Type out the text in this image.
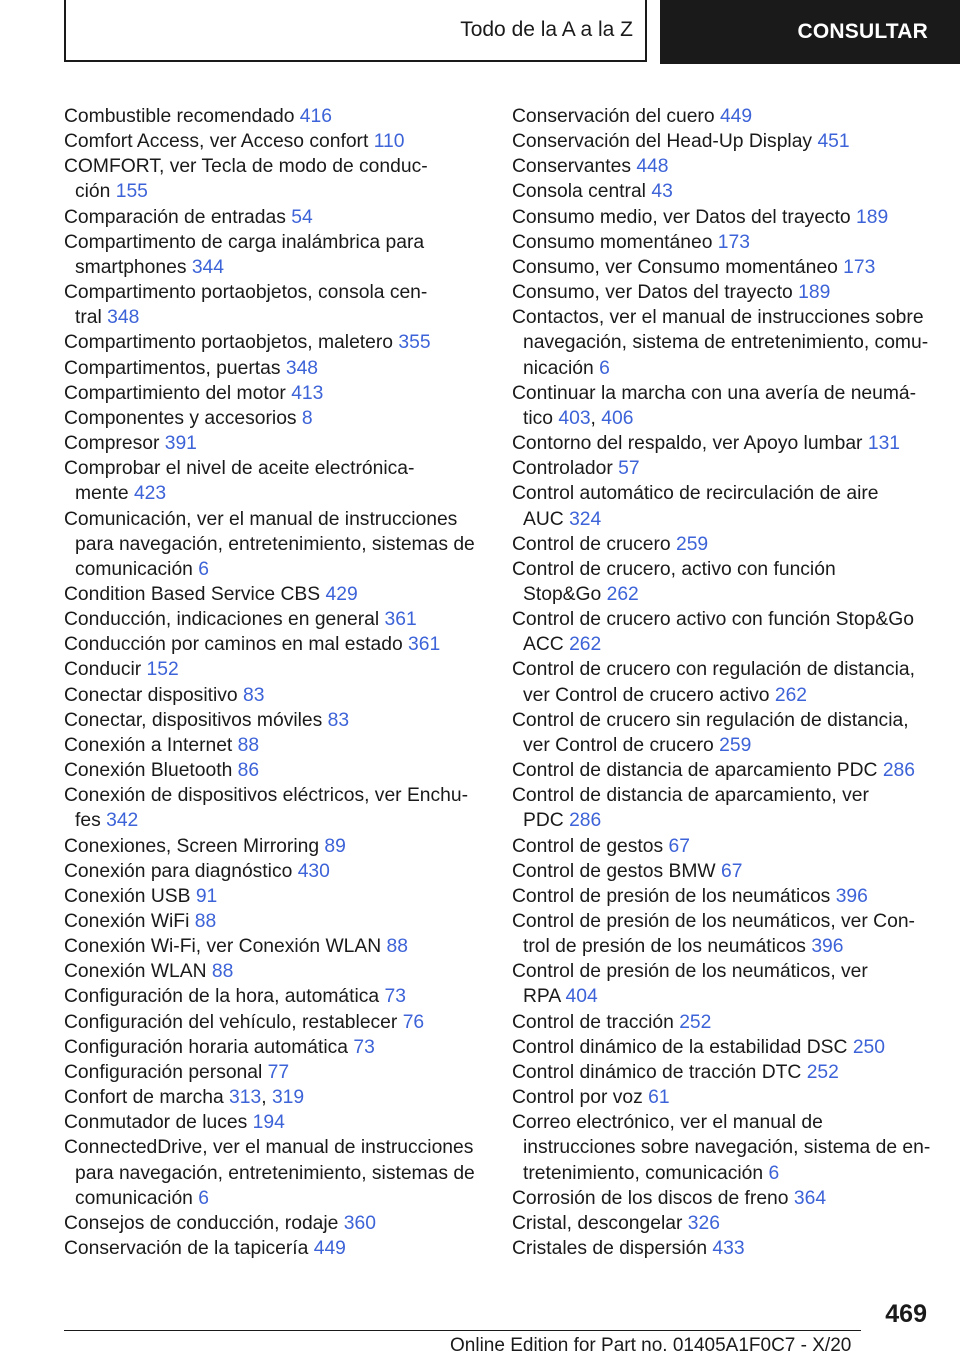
Todo de la A a la Z	CONSULTAR
Combustible recomendado 416
Comfort Access, ver Acceso confort 110
COMFORT, ver Tecla de modo de conduc-
ción 155
Comparación de entradas 54
Compartimento de carga inalámbrica para
smartphones 344
Compartimento portaobjetos, consola cen-
tral 348
Compartimento portaobjetos, maletero 355
Compartimentos, puertas 348
Compartimiento del motor 413
Componentes y accesorios 8
Compresor 391
Comprobar el nivel de aceite electrónica-
mente 423
Comunicación, ver el manual de instrucciones
para navegación, entretenimiento, sistemas de
comunicación 6
Condition Based Service CBS 429
Conducción, indicaciones en general 361
Conducción por caminos en mal estado 361
Conducir 152
Conectar dispositivo 83
Conectar, dispositivos móviles 83
Conexión a Internet 88
Conexión Bluetooth 86
Conexión de dispositivos eléctricos, ver Enchu-
fes 342
Conexiones, Screen Mirroring 89
Conexión para diagnóstico 430
Conexión USB 91
Conexión WiFi 88
Conexión Wi-Fi, ver Conexión WLAN 88
Conexión WLAN 88
Configuración de la hora, automática 73
Configuración del vehículo, restablecer 76
Configuración horaria automática 73
Configuración personal 77
Confort de marcha 313, 319
Conmutador de luces 194
ConnectedDrive, ver el manual de instrucciones
para navegación, entretenimiento, sistemas de
comunicación 6
Consejos de conducción, rodaje 360
Conservación de la tapicería 449
Conservación del cuero 449
Conservación del Head-Up Display 451
Conservantes 448
Consola central 43
Consumo medio, ver Datos del trayecto 189
Consumo momentáneo 173
Consumo, ver Consumo momentáneo 173
Consumo, ver Datos del trayecto 189
Contactos, ver el manual de instrucciones sobre
navegación, sistema de entretenimiento, comu-
nicación 6
Continuar la marcha con una avería de neumá-
tico 403, 406
Contorno del respaldo, ver Apoyo lumbar 131
Controlador 57
Control automático de recirculación de aire
AUC 324
Control de crucero 259
Control de crucero, activo con función
Stop&Go 262
Control de crucero activo con función Stop&Go
ACC 262
Control de crucero con regulación de distancia,
ver Control de crucero activo 262
Control de crucero sin regulación de distancia,
ver Control de crucero 259
Control de distancia de aparcamiento PDC 286
Control de distancia de aparcamiento, ver
PDC 286
Control de gestos 67
Control de gestos BMW 67
Control de presión de los neumáticos 396
Control de presión de los neumáticos, ver Con-
trol de presión de los neumáticos 396
Control de presión de los neumáticos, ver
RPA 404
Control de tracción 252
Control dinámico de la estabilidad DSC 250
Control dinámico de tracción DTC 252
Control por voz 61
Correo electrónico, ver el manual de
instrucciones sobre navegación, sistema de en-
tretenimiento, comunicación 6
Corrosión de los discos de freno 364
Cristal, descongelar 326
Cristales de dispersión 433
469
Online Edition for Part no. 01405A1F0C7 - X/20
